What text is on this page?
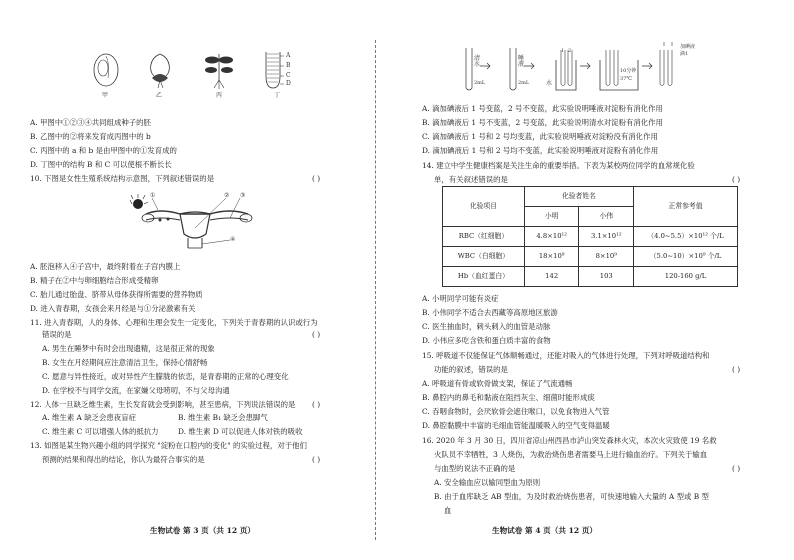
甲	乙	丙
A
B
C
D
丁
A. 甲图中①②③④共同组成种子的胚
B. 乙图中的②将来发育成丙图中的 b
C. 丙图中的 a 和 b 是由甲图中的①发育成的
D. 丁图中的结构 B 和 C 可以使根不断长长
10. 下图是女性生殖系统结构示意图，下列叙述错误的是	( )
①	② ③
④
A. 胚泡移入④子宫中，最终附着在子宫内膜上
B. 精子在②中与卵细胞结合形成受精卵
C. 胎儿通过胎盘、脐带从母体获得所需要的营养物质
D. 进入青春期，女孩会来月经是与①分泌激素有关
11. 进入青春期，人的身体、心理和生理会发生一定变化，下列关于青春期的认识或行为
错误的是	( )
A. 男生在睡梦中有时会出现遗精，这是很正常的现象
B. 女生在月经期间应注意清洁卫生，保持心情舒畅
C. 愿意与异性接近，或对异性产生朦胧的依恋，是青春期的正常的心理变化
D. 在学校不与同学交流，在家嫌父母唠叨，不与父母沟通
12. 人体一旦缺乏维生素，生长发育就会受到影响，甚至患病，下列说法错误的是 ( )
A. 维生素 A 缺乏会患夜盲症	B. 维生素 B₁ 缺乏会患脚气
C. 维生素 C 可以增强人体的抵抗力	D. 维生素 D 可以促进人体对铁的吸收
13. 如图是某生物兴趣小组的同学探究 "淀粉在口腔内的变化" 的实验过程，对于他们
预测的结果和得出的结论，你认为最符合事实的是	( )
生物试卷 第 3 页（共 12 页）
清
水
2mL
唾
液
2mL	水
1 2
10分钟
37℃
加碘液
滴1
A. 滴加碘液后 1 号变蓝，2 号不变蓝，此实验说明唾液对淀粉有消化作用
B. 滴加碘液后 1 号不变蓝，2 号变蓝，此实验说明清水对淀粉有消化作用
C. 滴加碘液后 1 号和 2 号均变蓝，此实验说明唾液对淀粉没有消化作用
D. 滴加碘液后 1 号和 2 号均不变蓝，此实验说明唾液对淀粉有消化作用
14. 建立中学生健康档案是关注生命的重要举措。下表为某校两位同学的血常规化验
单，有关叙述错误的是	( )
化验项目	化验者姓名		正常参考值
	小明	小伟	
RBC（红细胞）	4.8×10¹²	3.1×10¹²	（4.0~5.5）×10¹² 个/L
WBC（白细胞）	18×10⁹	8×10⁹	（5.0~10）×10⁹ 个/L
Hb（血红蛋白）	142	103	120-160 g/L
A. 小明同学可能有炎症
B. 小伟同学不适合去西藏等高原地区旅游
C. 医生抽血时，刺头刺入的血管是动脉
D. 小伟应多吃含铁和蛋白质丰富的食物
15. 呼吸道不仅能保证气体顺畅通过，还能对吸入的气体进行处理，下列对呼吸道结构和
功能的叙述，错误的是	( )
A. 呼吸道有骨或软骨做支架，保证了气流通畅
B. 鼻腔内的鼻毛和黏液在阻挡灰尘、细菌时能形成痰
C. 吞咽食物时，会厌软骨会遮住喉口，以免食物进入气管
D. 鼻腔黏膜中丰富的毛细血管能温暖吸入的空气变得温暖
16. 2020 年 3 月 30 日，四川省凉山州西昌市泸山突发森林火灾，本次火灾致使 19 名救
火队员不幸牺牲，3 人烧伤，为救治烧伤患者需要马上进行输血治疗。下列关于输血
与血型的说法不正确的是	( )
A. 安全输血应以输同型血为原则
B. 由于血库缺乏 AB 型血，为及时救治烧伤患者，可快速地输入大量的 A 型或 B 型
血
生物试卷 第 4 页（共 12 页）
